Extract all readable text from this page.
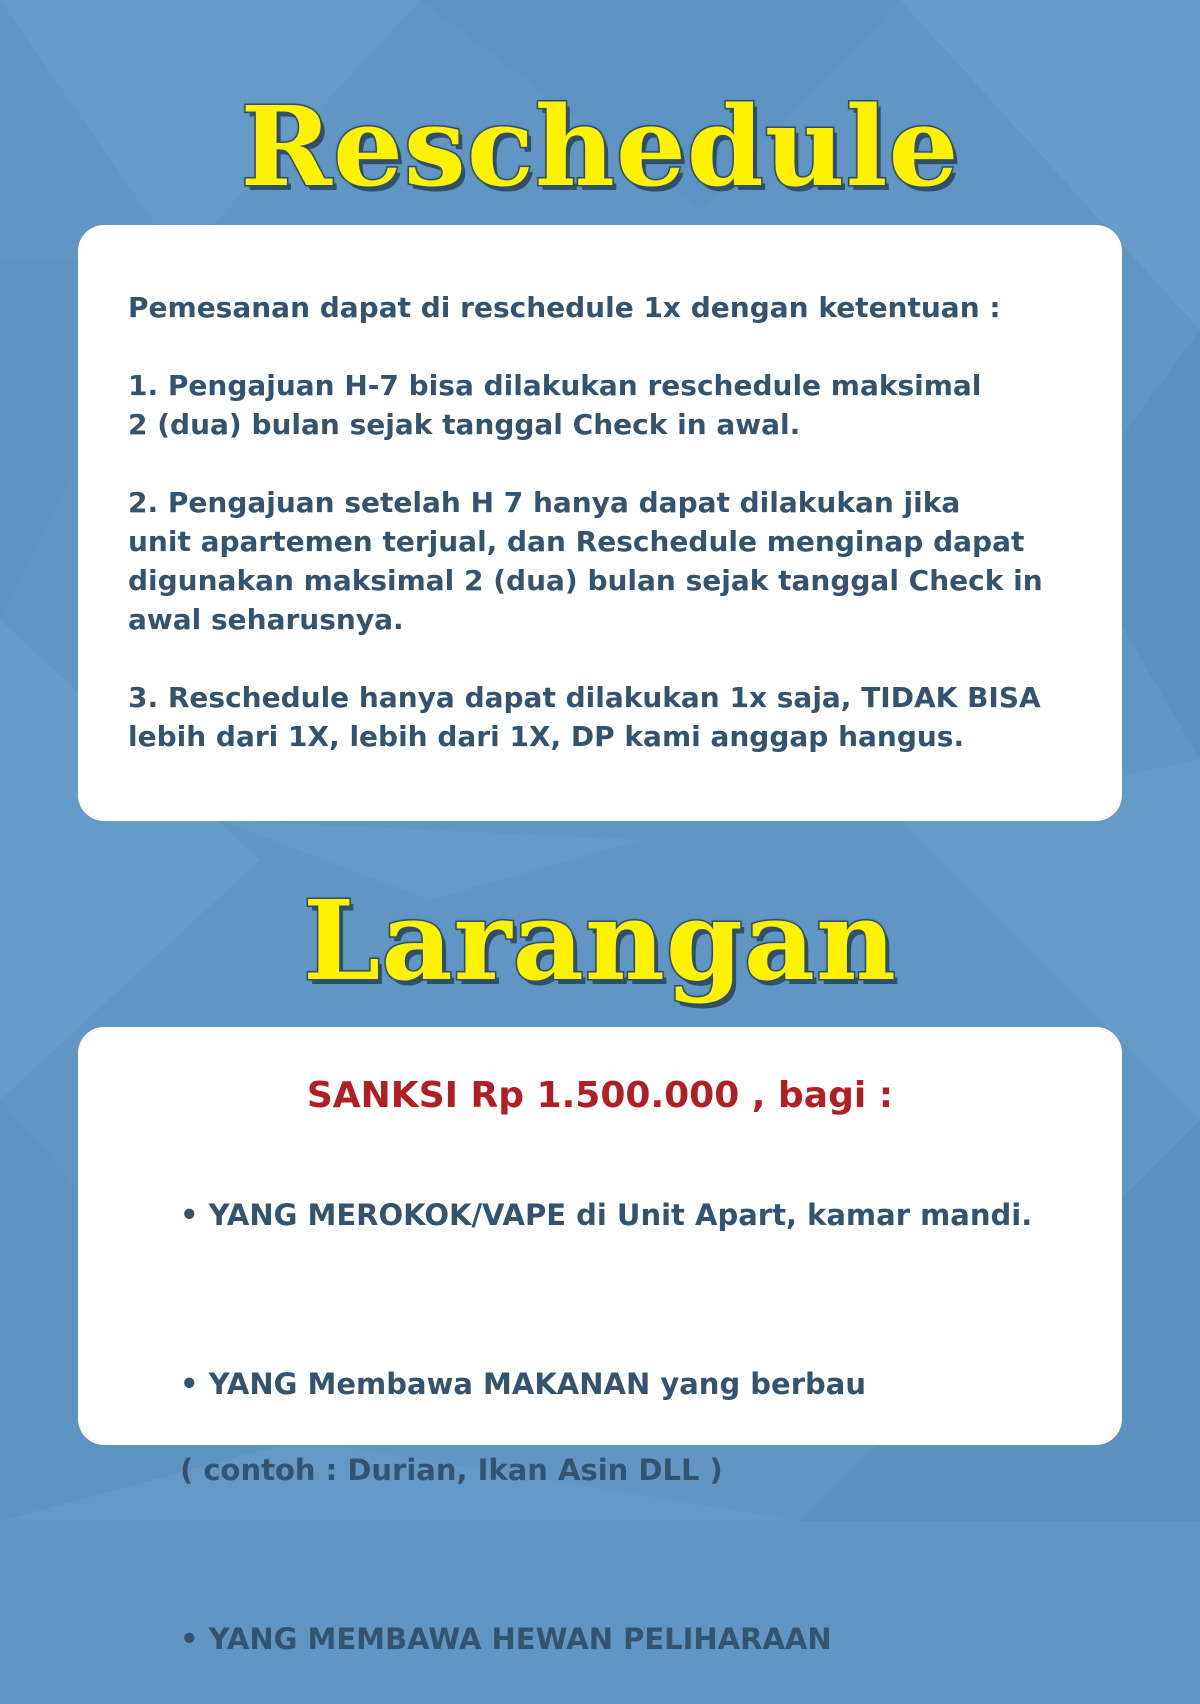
Reschedule

Pemesanan dapat di reschedule 1x dengan ketentuan :

1. Pengajuan H-7 bisa dilakukan reschedule maksimal

2 (dua) bulan sejak tanggal Check in awal.

2. Pengajuan setelah H 7 hanya dapat dilakukan jika

unit apartemen terjual, dan Reschedule menginap dapat

digunakan maksimal 2 (dua) bulan sejak tanggal Check in

awal seharusnya.

3. Reschedule hanya dapat dilakukan 1x saja, TIDAK BISA

lebih dari 1X, lebih dari 1X, DP kami anggap hangus.

Larangan
SANKSI Rp 1.500.000 , bagi :

• YANG MEROKOK/VAPE di Unit Apart, kamar mandi.

• YANG Membawa MAKANAN yang berbau

( contoh : Durian, Ikan Asin DLL )

• YANG MEMBAWA HEWAN PELIHARAAN
